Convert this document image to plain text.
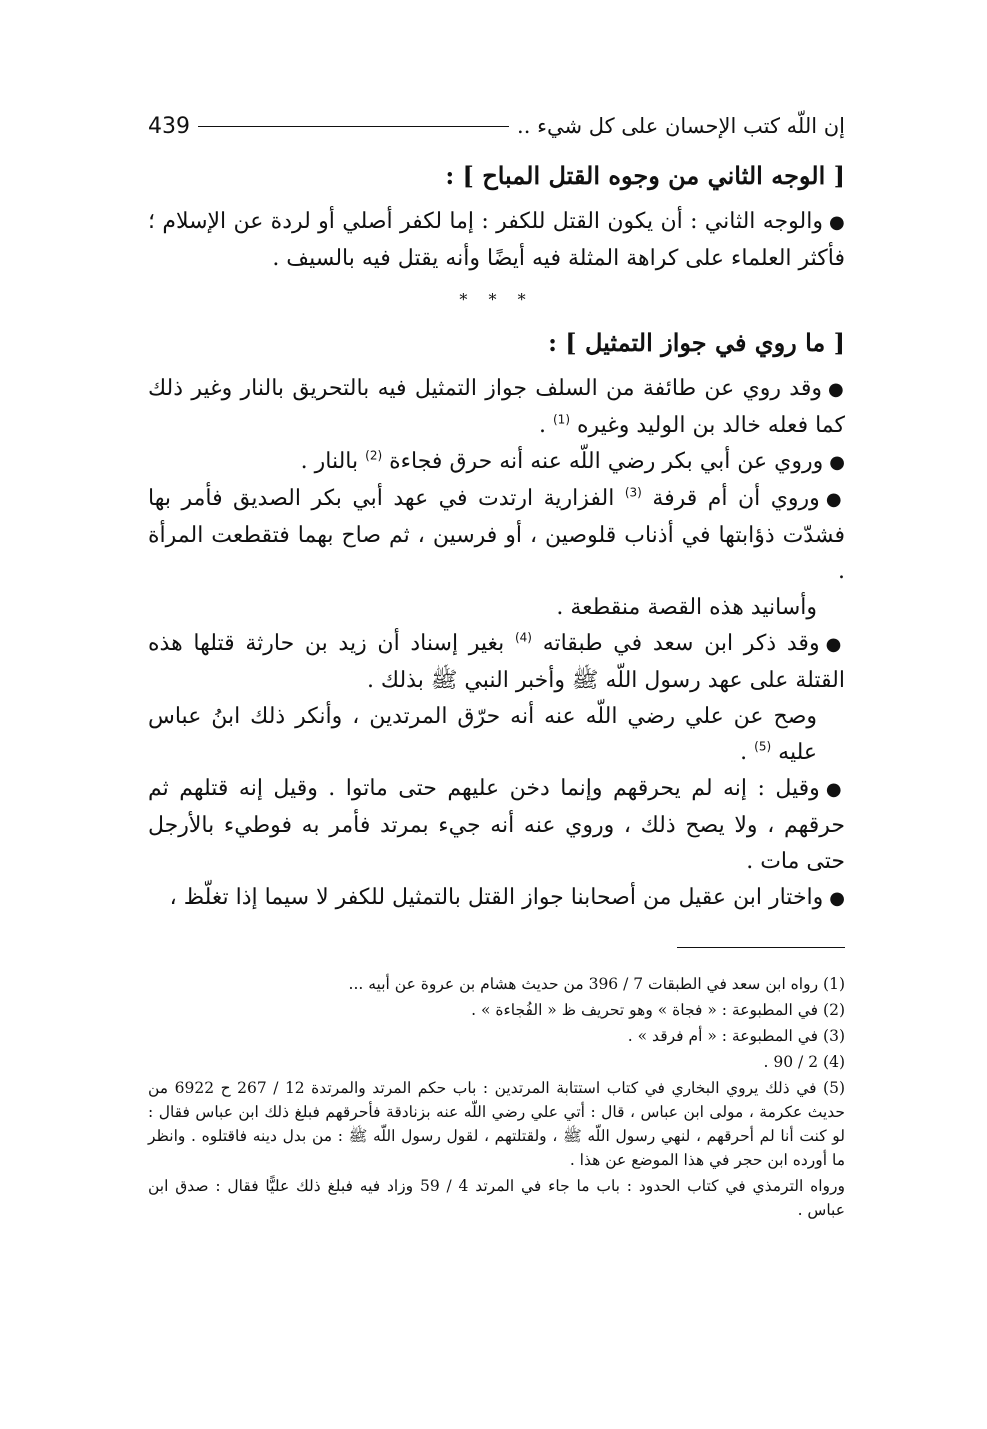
إن اللّه كتب الإحسان على كل شيء ..
439

[ الوجه الثاني من وجوه القتل المباح ] :

●والوجه الثاني : أن يكون القتل للكفر : إما لكفر أصلي أو لردة عن الإسلام ؛ فأكثر العلماء على كراهة المثلة فيه أيضًا وأنه يقتل فيه بالسيف .

* * *

[ ما روي في جواز التمثيل ] :

●وقد روي عن طائفة من السلف جواز التمثيل فيه بالتحريق بالنار وغير ذلك كما فعله خالد بن الوليد وغيره $^{(1)}$ .

●وروي عن أبي بكر رضي اللّه عنه أنه حرق فجاءة $^{(2)}$ بالنار .

●وروي أن أم قرفة $^{(3)}$ الفزارية ارتدت في عهد أبي بكر الصديق فأمر بها فشدّت ذؤابتها في أذناب قلوصين ، أو فرسين ، ثم صاح بهما فتقطعت المرأة .

وأسانيد هذه القصة منقطعة .

●وقد ذكر ابن سعد في طبقاته $^{(4)}$ بغير إسناد أن زيد بن حارثة قتلها هذه القتلة على عهد رسول اللّه ﷺ وأخبر النبي ﷺ بذلك .

وصح عن علي رضي اللّه عنه أنه حرّق المرتدين ، وأنكر ذلك ابنُ عباس عليه $^{(5)}$ .

●وقيل : إنه لم يحرقهم وإنما دخن عليهم حتى ماتوا . وقيل إنه قتلهم ثم حرقهم ، ولا يصح ذلك ، وروي عنه أنه جيء بمرتد فأمر به فوطيء بالأرجل حتى مات .

●واختار ابن عقيل من أصحابنا جواز القتل بالتمثيل للكفر لا سيما إذا تغلّظ ،

(1) رواه ابن سعد في الطبقات 7 / 396 من حديث هشام بن عروة عن أبيه ...

(2) في المطبوعة : « فجاة » وهو تحريف ظ « الفُجاءة » .

(3) في المطبوعة : « أم فرقد » .

(4) 2 / 90 .

(5) في ذلك يروي البخاري في كتاب استتابة المرتدين : باب حكم المرتد والمرتدة 12 / 267 ح 6922 من حديث عكرمة ، مولى ابن عباس ، قال : أتي علي رضي اللّه عنه بزنادقة فأحرقهم فبلغ ذلك ابن عباس فقال : لو كنت أنا لم أحرقهم ، لنهي رسول اللّه ﷺ ، ولقتلتهم ، لقول رسول اللّه ﷺ : من بدل دينه فاقتلوه . وانظر ما أورده ابن حجر في هذا الموضع عن هذا .

ورواه الترمذي في كتاب الحدود : باب ما جاء في المرتد 4 / 59 وزاد فيه فبلغ ذلك عليًّا فقال : صدق ابن عباس .
